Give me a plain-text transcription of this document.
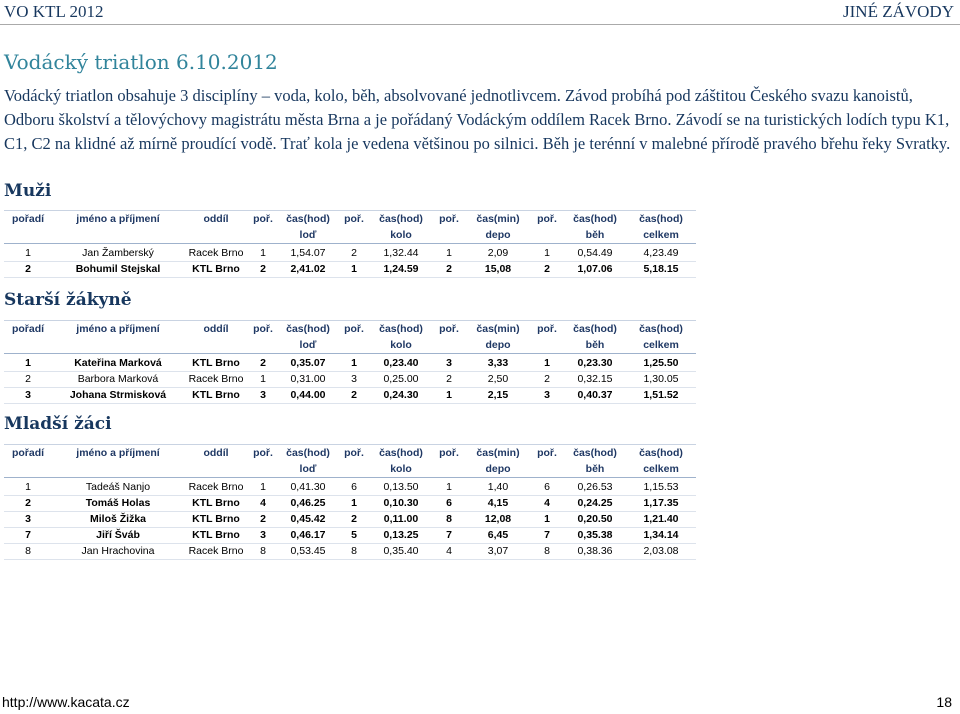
VO KTL 2012	JINÉ ZÁVODY
Vodácký triatlon 6.10.2012

Vodácký triatlon obsahuje 3 disciplíny – voda, kolo, běh, absolvované jednotlivcem. Závod probíhá pod záštitou Českého svazu kanoistů, Odboru školství a tělovýchovy magistrátu města Brna a je pořádaný Vodáckým oddílem Racek Brno. Závodí se na turistických lodích typu K1, C1, C2 na klidné až mírně proudící vodě. Trať kola je vedena většinou po silnici. Běh je terénní v malebné přírodě pravého břehu řeky Svratky.

Muži
pořadí	jméno a příjmení	oddíl	poř.	čas(hod)	poř.	čas(hod)	poř.	čas(min)	poř.	čas(hod)	čas(hod)
				loď		kolo		depo		běh	celkem
1	Jan Žamberský	Racek Brno	1	1,54.07	2	1,32.44	1	2,09	1	0,54.49	4,23.49
2	Bohumil Stejskal	KTL Brno	2	2,41.02	1	1,24.59	2	15,08	2	1,07.06	5,18.15
Starší žákyně
pořadí	jméno a příjmení	oddíl	poř.	čas(hod)	poř.	čas(hod)	poř.	čas(min)	poř.	čas(hod)	čas(hod)
				loď		kolo		depo		běh	celkem
1	Kateřina Marková	KTL Brno	2	0,35.07	1	0,23.40	3	3,33	1	0,23.30	1,25.50
2	Barbora Marková	Racek Brno	1	0,31.00	3	0,25.00	2	2,50	2	0,32.15	1,30.05
3	Johana Strmisková	KTL Brno	3	0,44.00	2	0,24.30	1	2,15	3	0,40.37	1,51.52
Mladší žáci
pořadí	jméno a příjmení	oddíl	poř.	čas(hod)	poř.	čas(hod)	poř.	čas(min)	poř.	čas(hod)	čas(hod)
				loď		kolo		depo		běh	celkem
1	Tadeáš Nanjo	Racek Brno	1	0,41.30	6	0,13.50	1	1,40	6	0,26.53	1,15.53
2	Tomáš Holas	KTL Brno	4	0,46.25	1	0,10.30	6	4,15	4	0,24.25	1,17.35
3	Miloš Žižka	KTL Brno	2	0,45.42	2	0,11.00	8	12,08	1	0,20.50	1,21.40
7	Jiří Šváb	KTL Brno	3	0,46.17	5	0,13.25	7	6,45	7	0,35.38	1,34.14
8	Jan Hrachovina	Racek Brno	8	0,53.45	8	0,35.40	4	3,07	8	0,38.36	2,03.08
http://www.kacata.cz	18
